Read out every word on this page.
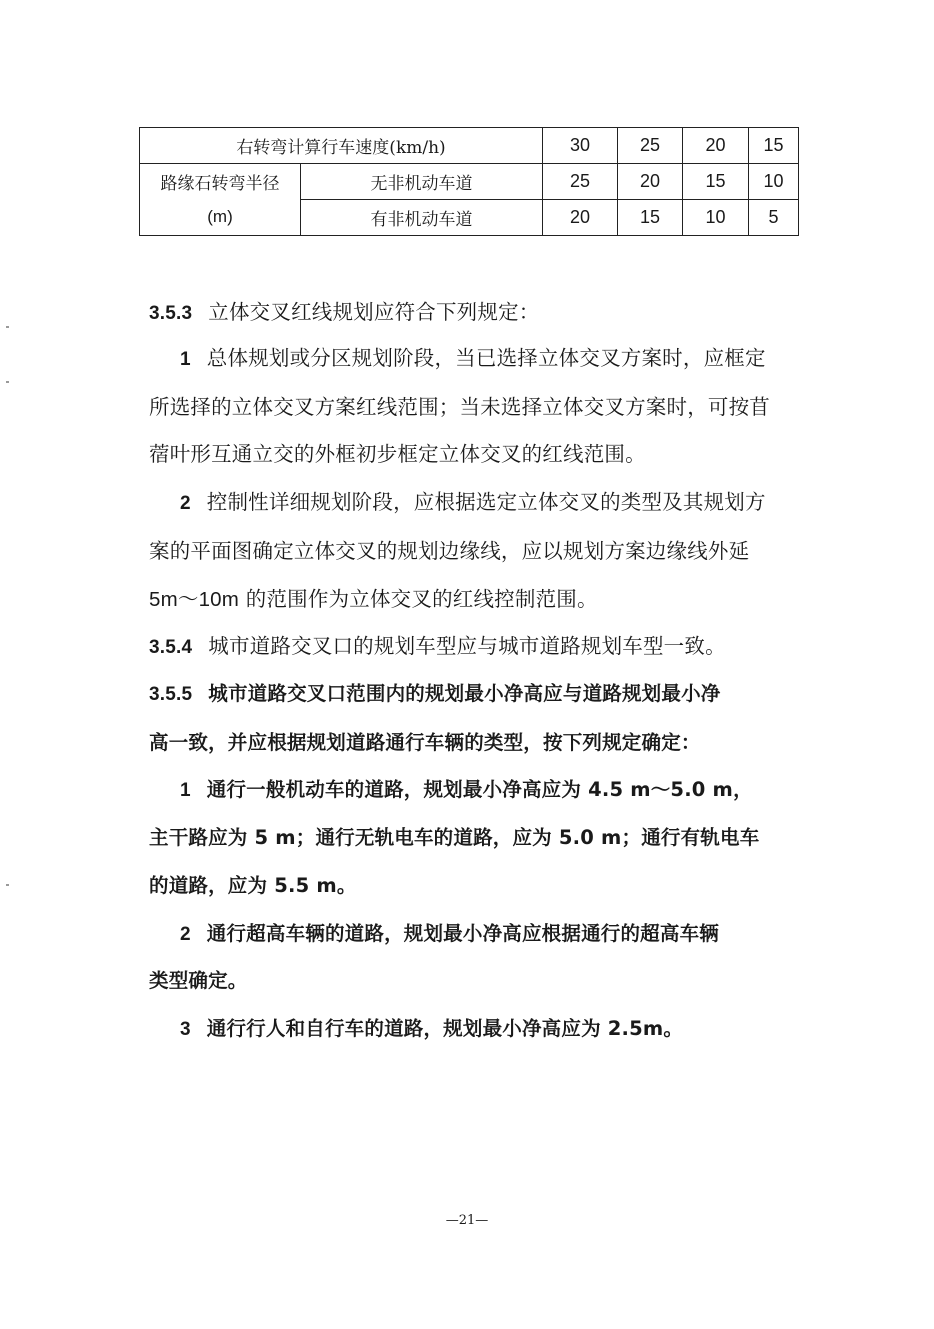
右转弯计算行车速度(km/h)		30	25	20	15
路缘石转弯半径	无非机动车道	25	20	15	10
(m)	有非机动车道	20	15	10	5
3.5.3 立体交叉红线规划应符合下列规定：
1 总体规划或分区规划阶段，当已选择立体交叉方案时，应框定
所选择的立体交叉方案红线范围；当未选择立体交叉方案时，可按苜
蓿叶形互通立交的外框初步框定立体交叉的红线范围。
2 控制性详细规划阶段，应根据选定立体交叉的类型及其规划方
案的平面图确定立体交叉的规划边缘线，应以规划方案边缘线外延
5m～10m 的范围作为立体交叉的红线控制范围。
3.5.4 城市道路交叉口的规划车型应与城市道路规划车型一致。
3.5.5 城市道路交叉口范围内的规划最小净高应与道路规划最小净
高一致，并应根据规划道路通行车辆的类型，按下列规定确定：
1 通行一般机动车的道路，规划最小净高应为 4.5 m～5.0 m，
主干路应为 5 m；通行无轨电车的道路，应为 5.0 m；通行有轨电车
的道路，应为 5.5 m。
2 通行超高车辆的道路，规划最小净高应根据通行的超高车辆
类型确定。
3 通行行人和自行车的道路，规划最小净高应为 2.5m。
—21—
